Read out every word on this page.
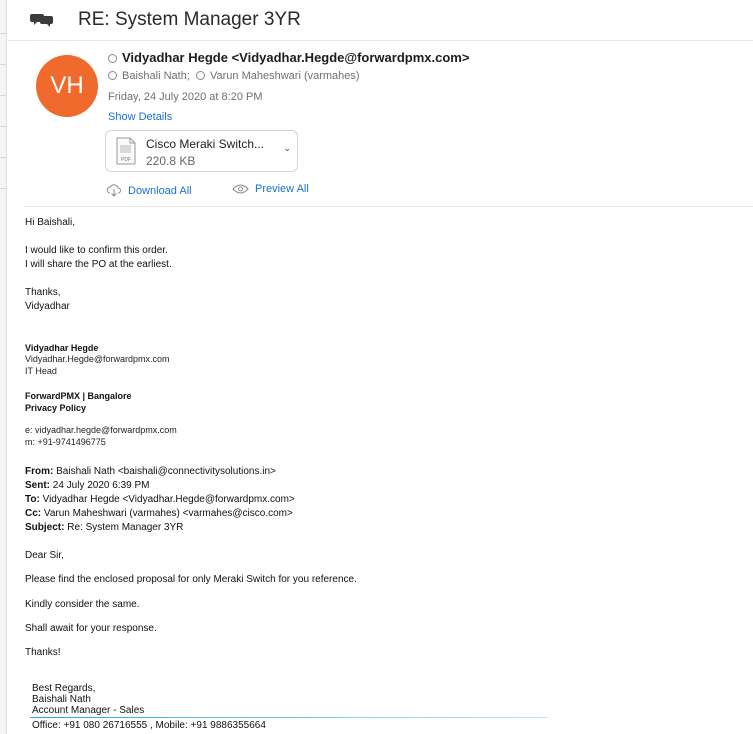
RE: System Manager 3YR
VH
Vidyadhar Hegde <Vidyadhar.Hegde@forwardpmx.com>
Baishali Nath; Varun Maheshwari (varmahes)
Friday, 24 July 2020 at 8:20 PM
Show Details
PDF
Cisco Meraki Switch...
220.8 KB
⌄
Download All	Preview All
Hi Baishali,
I would like to confirm this order.
I will share the PO at the earliest.
Thanks,
Vidyadhar
Vidyadhar Hegde
Vidyadhar.Hegde@forwardpmx.com
IT Head
ForwardPMX | Bangalore
Privacy Policy
e: vidyadhar.hegde@forwardpmx.com
m: +91-9741496775
From: Baishali Nath <baishali@connectivitysolutions.in>
Sent: 24 July 2020 6:39 PM
To: Vidyadhar Hegde <Vidyadhar.Hegde@forwardpmx.com>
Cc: Varun Maheshwari (varmahes) <varmahes@cisco.com>
Subject: Re: System Manager 3YR
Dear Sir,
Please find the enclosed proposal for only Meraki Switch for you reference.
Kindly consider the same.
Shall await for your response.
Thanks!
Best Regards,
Baishali Nath
Account Manager - Sales
Office: +91 080 26716555 , Mobile: +91 9886355664
